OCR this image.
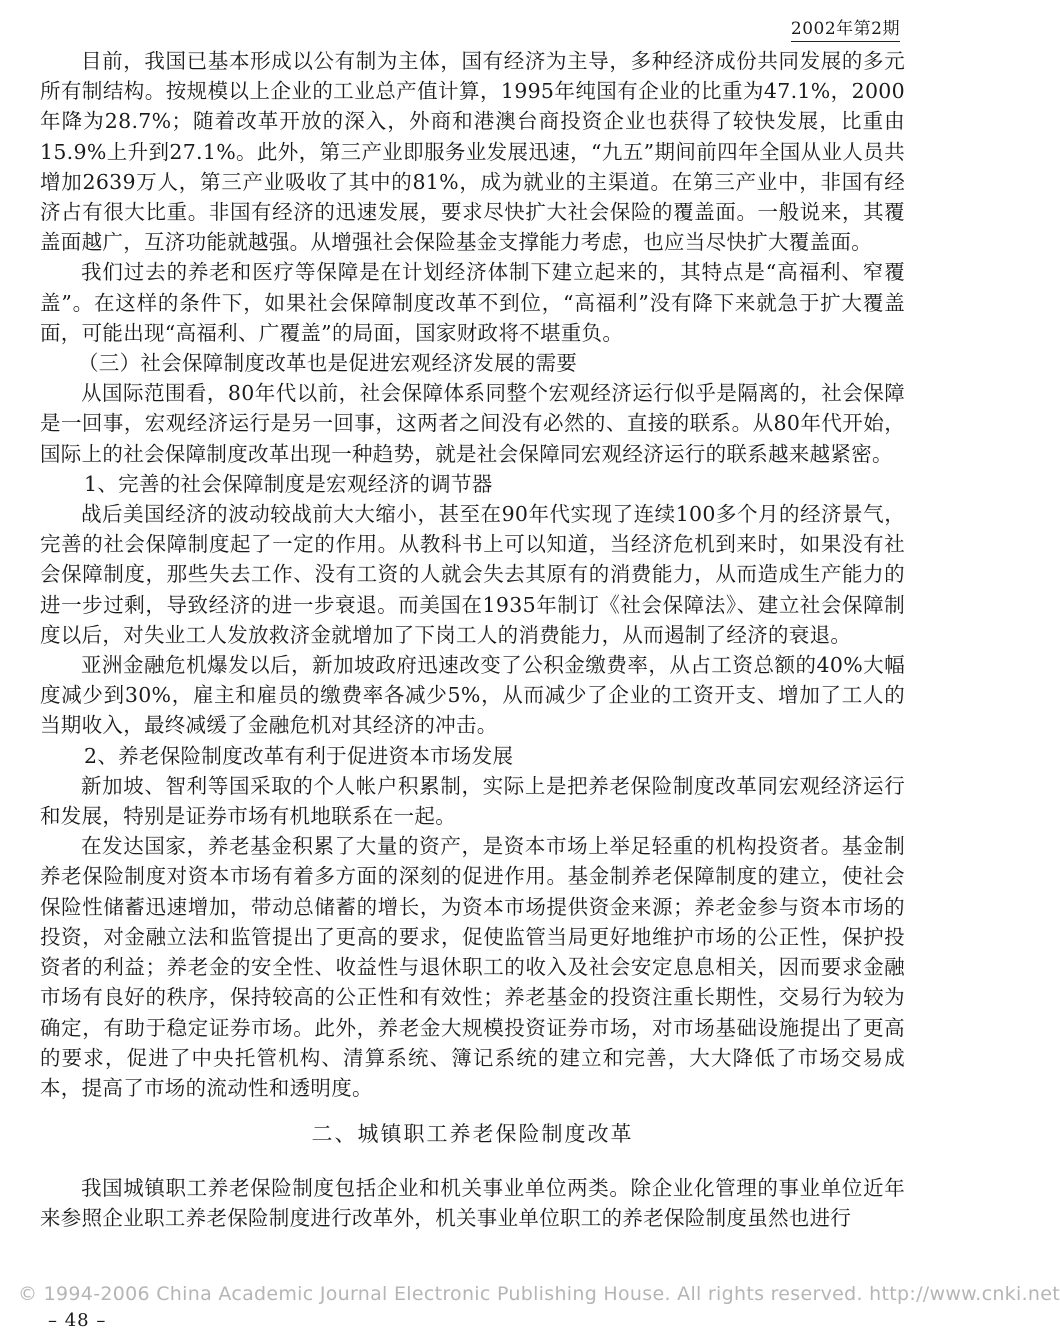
2002年第2期

目前，我国已基本形成以公有制为主体，国有经济为主导，多种经济成份共同发展的多元所有制结构。按规模以上企业的工业总产值计算，1995年纯国有企业的比重为47.1%，2000年降为28.7%；随着改革开放的深入，外商和港澳台商投资企业也获得了较快发展，比重由15.9%上升到27.1%。此外，第三产业即服务业发展迅速，“九五”期间前四年全国从业人员共增加2639万人，第三产业吸收了其中的81%，成为就业的主渠道。在第三产业中，非国有经济占有很大比重。非国有经济的迅速发展，要求尽快扩大社会保险的覆盖面。一般说来，其覆盖面越广，互济功能就越强。从增强社会保险基金支撑能力考虑，也应当尽快扩大覆盖面。

我们过去的养老和医疗等保障是在计划经济体制下建立起来的，其特点是“高福利、窄覆盖”。在这样的条件下，如果社会保障制度改革不到位，“高福利”没有降下来就急于扩大覆盖面，可能出现“高福利、广覆盖”的局面，国家财政将不堪重负。

（三）社会保障制度改革也是促进宏观经济发展的需要

从国际范围看，80年代以前，社会保障体系同整个宏观经济运行似乎是隔离的，社会保障是一回事，宏观经济运行是另一回事，这两者之间没有必然的、直接的联系。从80年代开始，国际上的社会保障制度改革出现一种趋势，就是社会保障同宏观经济运行的联系越来越紧密。

1、完善的社会保障制度是宏观经济的调节器

战后美国经济的波动较战前大大缩小，甚至在90年代实现了连续100多个月的经济景气，完善的社会保障制度起了一定的作用。从教科书上可以知道，当经济危机到来时，如果没有社会保障制度，那些失去工作、没有工资的人就会失去其原有的消费能力，从而造成生产能力的进一步过剩，导致经济的进一步衰退。而美国在1935年制订《社会保障法》、建立社会保障制度以后，对失业工人发放救济金就增加了下岗工人的消费能力，从而遏制了经济的衰退。

亚洲金融危机爆发以后，新加坡政府迅速改变了公积金缴费率，从占工资总额的40%大幅度减少到30%，雇主和雇员的缴费率各减少5%，从而减少了企业的工资开支、增加了工人的当期收入，最终减缓了金融危机对其经济的冲击。

2、养老保险制度改革有利于促进资本市场发展

新加坡、智利等国采取的个人帐户积累制，实际上是把养老保险制度改革同宏观经济运行和发展，特别是证券市场有机地联系在一起。

在发达国家，养老基金积累了大量的资产，是资本市场上举足轻重的机构投资者。基金制养老保险制度对资本市场有着多方面的深刻的促进作用。基金制养老保障制度的建立，使社会保险性储蓄迅速增加，带动总储蓄的增长，为资本市场提供资金来源；养老金参与资本市场的投资，对金融立法和监管提出了更高的要求，促使监管当局更好地维护市场的公正性，保护投资者的利益；养老金的安全性、收益性与退休职工的收入及社会安定息息相关，因而要求金融市场有良好的秩序，保持较高的公正性和有效性；养老基金的投资注重长期性，交易行为较为确定，有助于稳定证券市场。此外，养老金大规模投资证券市场，对市场基础设施提出了更高的要求，促进了中央托管机构、清算系统、簿记系统的建立和完善，大大降低了市场交易成本，提高了市场的流动性和透明度。

二、城镇职工养老保险制度改革

我国城镇职工养老保险制度包括企业和机关事业单位两类。除企业化管理的事业单位近年来参照企业职工养老保险制度进行改革外，机关事业单位职工的养老保险制度虽然也进行

© 1994-2006 China Academic Journal Electronic Publishing House. All rights reserved. http://www.cnki.net
– 48 –
